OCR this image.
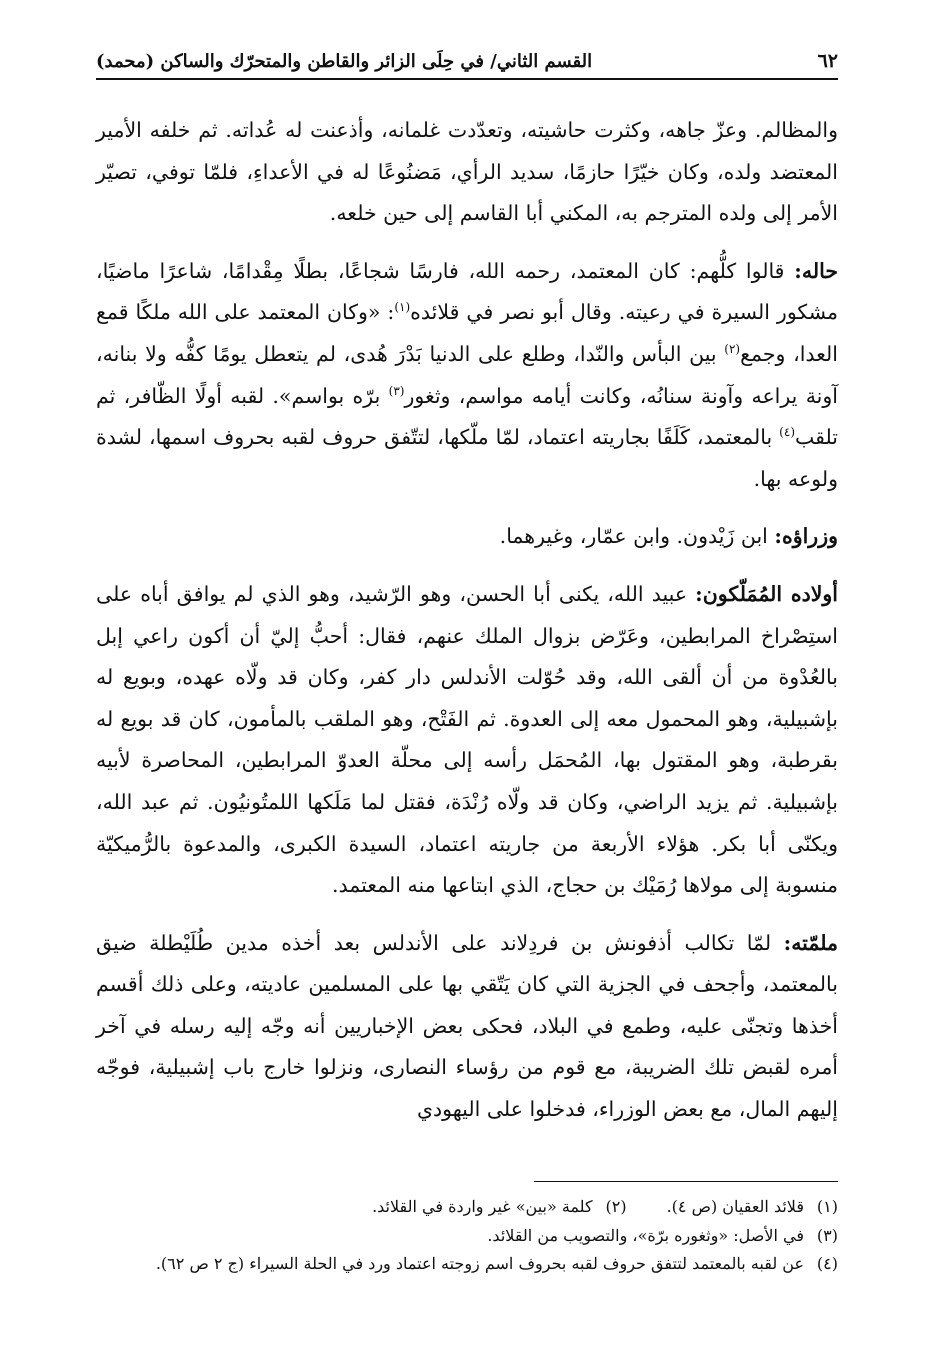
٦٢
القسم الثاني/ في حِلَى الزائر والقاطن والمتحرّك والساكن (محمد)

والمظالم. وعزّ جاهه، وكثرت حاشيته، وتعدّدت غلمانه، وأذعنت له عُداته. ثم خلفه الأمير المعتضد ولده، وكان خيّرًا حازمًا، سديد الرأي، مَضنُوعًا له في الأعداءِ، فلمّا توفي، تصيّر الأمر إلى ولده المترجم به، المكني أبا القاسم إلى حين خلعه.

حاله: قالوا كلُّهم: كان المعتمد، رحمه الله، فارسًا شجاعًا، بطلًا مِقْدامًا، شاعرًا ماضيًا، مشكور السيرة في رعيته. وقال أبو نصر في قلائده$^{(١)}$: «وكان المعتمد على الله ملكًا قمع العدا، وجمع$^{(٢)}$ بين البأس والنّدا، وطلع على الدنيا بَدْرَ هُدى، لم يتعطل يومًا كفُّه ولا بنانه، آونة يراعه وآونة سنانُه، وكانت أيامه مواسم، وثغور$^{(٣)}$ برّه بواسم». لقبه أولًا الظّافر، ثم تلقب$^{(٤)}$ بالمعتمد، كَلَفًا بجاريته اعتماد، لمّا ملّكها، لتتّفق حروف لقبه بحروف اسمها، لشدة ولوعه بها.

وزراؤه: ابن زَيْدون. وابن عمّار، وغيرهما.

أولاده المُمَلّكون: عبيد الله، يكنى أبا الحسن، وهو الرّشيد، وهو الذي لم يوافق أباه على استِصْراخ المرابطين، وعَرّض بزوال الملك عنهم، فقال: أحبُّ إليّ أن أكون راعي إبل بالعُدْوة من أن ألقى الله، وقد حُوّلت الأندلس دار كفر، وكان قد ولّاه عهده، وبويع له بإشبيلية، وهو المحمول معه إلى العدوة. ثم الفَتْح، وهو الملقب بالمأمون، كان قد بويع له بقرطبة، وهو المقتول بها، المُحمَل رأسه إلى محلّة العدوّ المرابطين، المحاصرة لأبيه بإشبيلية. ثم يزيد الراضي، وكان قد ولّاه رُنْدَة، فقتل لما مَلَكها اللمتُونيُون. ثم عبد الله، ويكنّى أبا بكر. هؤلاء الأربعة من جاريته اعتماد، السيدة الكبرى، والمدعوة بالرُّميكيّة منسوبة إلى مولاها رُمَيْك بن حجاج، الذي ابتاعها منه المعتمد.

ملمّته: لمّا تكالب أذفونش بن فردِلاند على الأندلس بعد أخذه مدين طُلَيْطلة ضيق بالمعتمد، وأجحف في الجزية التي كان يَتّقي بها على المسلمين عاديته، وعلى ذلك أقسم أخذها وتجنّى عليه، وطمع في البلاد، فحكى بعض الإخباريين أنه وجّه إليه رسله في آخر أمره لقبض تلك الضريبة، مع قوم من رؤساء النصارى، ونزلوا خارج باب إشبيلية، فوجّه إليهم المال، مع بعض الوزراء، فدخلوا على اليهودي

(١)قلائد العقيان (ص ٤).

(٢)كلمة «بين» غير واردة في القلائد.

(٣)في الأصل: «وثغوره برّة»، والتصويب من القلائد.

(٤)عن لقبه بالمعتمد لتتفق حروف لقبه بحروف اسم زوجته اعتماد ورد في الحلة السيراء (ج ٢ ص ٦٢).
